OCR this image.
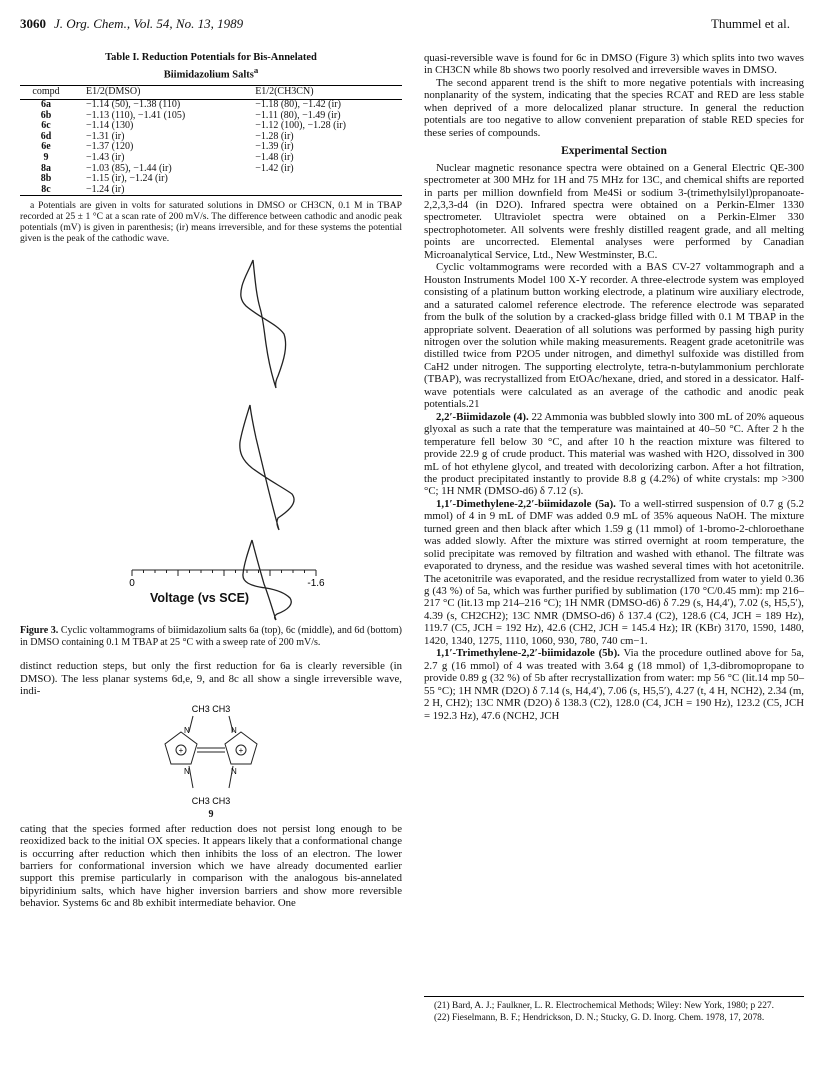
3060 J. Org. Chem., Vol. 54, No. 13, 1989	Thummel et al.
Table I. Reduction Potentials for Bis-Annelated
Biimidazolium Salts$^a$
compd	E1/2(DMSO)	E1/2(CH3CN)
6a	−1.14 (50), −1.38 (110)	−1.18 (80), −1.42 (ir)
6b	−1.13 (110), −1.41 (105)	−1.11 (80), −1.49 (ir)
6c	−1.14 (130)	−1.12 (100), −1.28 (ir)
6d	−1.31 (ir)	−1.28 (ir)
6e	−1.37 (120)	−1.39 (ir)
9	−1.43 (ir)	−1.48 (ir)
8a	−1.03 (85), −1.44 (ir)	−1.42 (ir)
8b	−1.15 (ir), −1.24 (ir)	
8c	−1.24 (ir)	
a Potentials are given in volts for saturated solutions in DMSO or CH3CN, 0.1 M in TBAP recorded at 25 ± 1 °C at a scan rate of 200 mV/s. The difference between cathodic and anodic peak potentials (mV) is given in parenthesis; (ir) means irreversible, and for these systems the potential given is the peak of the cathodic wave.
0	-1.6
Voltage (vs SCE)
Figure 3. Cyclic voltammograms of biimidazolium salts 6a (top), 6c (middle), and 6d (bottom) in DMSO containing 0.1 M TBAP at 25 °C with a sweep rate of 200 mV/s.

distinct reduction steps, but only the first reduction for 6a is clearly reversible (in DMSO). The less planar systems 6d,e, 9, and 8c all show a single irreversible wave, indi-

CH3 CH3
CH3 CH3
+	+
N	N
N	N
9

cating that the species formed after reduction does not persist long enough to be reoxidized back to the initial OX species. It appears likely that a conformational change is occurring after reduction which then inhibits the loss of an electron. The lower barriers for conformational inversion which we have already documented earlier support this premise particularly in comparison with the analogous bis-annelated bipyridinium salts, which have higher inversion barriers and show more reversible behavior. Systems 6c and 8b exhibit intermediate behavior. One

quasi-reversible wave is found for 6c in DMSO (Figure 3) which splits into two waves in CH3CN while 8b shows two poorly resolved and irreversible waves in DMSO.

The second apparent trend is the shift to more negative potentials with increasing nonplanarity of the system, indicating that the species RCAT and RED are less stable when deprived of a more delocalized planar structure. In general the reduction potentials are too negative to allow convenient preparation of stable RED species for these series of compounds.

Experimental Section

Nuclear magnetic resonance spectra were obtained on a General Electric QE-300 spectrometer at 300 MHz for 1H and 75 MHz for 13C, and chemical shifts are reported in parts per million downfield from Me4Si or sodium 3-(trimethylsilyl)propanoate-2,2,3,3-d4 (in D2O). Infrared spectra were obtained on a Perkin-Elmer 1330 spectrometer. Ultraviolet spectra were obtained on a Perkin-Elmer 330 spectrophotometer. All solvents were freshly distilled reagent grade, and all melting points are uncorrected. Elemental analyses were performed by Canadian Microanalytical Service, Ltd., New Westminster, B.C.

Cyclic voltammograms were recorded with a BAS CV-27 voltammograph and a Houston Instruments Model 100 X-Y recorder. A three-electrode system was employed consisting of a platinum button working electrode, a platinum wire auxiliary electrode, and a saturated calomel reference electrode. The reference electrode was separated from the bulk of the solution by a cracked-glass bridge filled with 0.1 M TBAP in the appropriate solvent. Deaeration of all solutions was performed by passing high purity nitrogen over the solution while making measurements. Reagent grade acetonitrile was distilled twice from P2O5 under nitrogen, and dimethyl sulfoxide was distilled from CaH2 under nitrogen. The supporting electrolyte, tetra-n-butylammonium perchlorate (TBAP), was recrystallized from EtOAc/hexane, dried, and stored in a dessicator. Half-wave potentials were calculated as an average of the cathodic and anodic peak potentials.21

2,2′-Biimidazole (4). 22 Ammonia was bubbled slowly into 300 mL of 20% aqueous glyoxal as such a rate that the temperature was maintained at 40–50 °C. After 2 h the temperature fell below 30 °C, and after 10 h the reaction mixture was filtered to provide 22.9 g of crude product. This material was washed with H2O, dissolved in 300 mL of hot ethylene glycol, and treated with decolorizing carbon. After a hot filtration, the product precipitated instantly to provide 8.8 g (4.2%) of white crystals: mp >300 °C; 1H NMR (DMSO-d6) δ 7.12 (s).

1,1′-Dimethylene-2,2′-biimidazole (5a). To a well-stirred suspension of 0.7 g (5.2 mmol) of 4 in 9 mL of DMF was added 0.9 mL of 35% aqueous NaOH. The mixture turned green and then black after which 1.59 g (11 mmol) of 1-bromo-2-chloroethane was added slowly. After the mixture was stirred overnight at room temperature, the solid precipitate was removed by filtration and washed with ethanol. The filtrate was evaporated to dryness, and the residue was washed several times with hot acetonitrile. The acetonitrile was evaporated, and the residue recrystallized from water to yield 0.36 g (43 %) of 5a, which was further purified by sublimation (170 °C/0.45 mm): mp 216–217 °C (lit.13 mp 214–216 °C); 1H NMR (DMSO-d6) δ 7.29 (s, H4,4′), 7.02 (s, H5,5′), 4.39 (s, CH2CH2); 13C NMR (DMSO-d6) δ 137.4 (C2), 128.6 (C4, JCH = 189 Hz), 119.7 (C5, JCH = 192 Hz), 42.6 (CH2, JCH = 145.4 Hz); IR (KBr) 3170, 1590, 1480, 1420, 1340, 1275, 1110, 1060, 930, 780, 740 cm−1.

1,1′-Trimethylene-2,2′-biimidazole (5b). Via the procedure outlined above for 5a, 2.7 g (16 mmol) of 4 was treated with 3.64 g (18 mmol) of 1,3-dibromopropane to provide 0.89 g (32 %) of 5b after recrystallization from water: mp 56 °C (lit.14 mp 50–55 °C); 1H NMR (D2O) δ 7.14 (s, H4,4′), 7.06 (s, H5,5′), 4.27 (t, 4 H, NCH2), 2.34 (m, 2 H, CH2); 13C NMR (D2O) δ 138.3 (C2), 128.0 (C4, JCH = 190 Hz), 123.2 (C5, JCH = 192.3 Hz), 47.6 (NCH2, JCH

(21) Bard, A. J.; Faulkner, L. R. Electrochemical Methods; Wiley: New York, 1980; p 227.

(22) Fieselmann, B. F.; Hendrickson, D. N.; Stucky, G. D. Inorg. Chem. 1978, 17, 2078.
